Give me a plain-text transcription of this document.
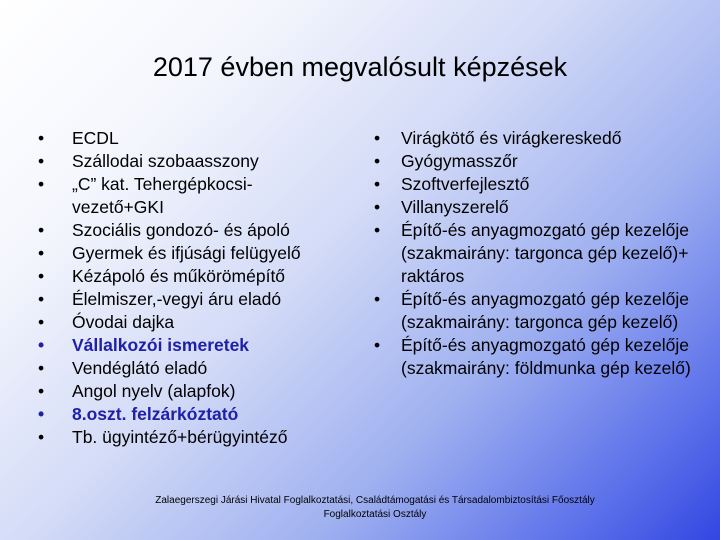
2017 évben megvalósult képzések
• ECDL
• Szállodai szobaasszony
• „C” kat. Tehergépkocsi-vezető+GKI
• Szociális gondozó- és ápoló
• Gyermek és ifjúsági felügyelő
• Kézápoló és műkörömépítő
• Élelmiszer,-vegyi áru eladó
• Óvodai dajka
• Vállalkozói ismeretek
• Vendéglátó eladó
• Angol nyelv (alapfok)
• 8.oszt. felzárkóztató
• Tb. ügyintéző+bérügyintéző
• Virágkötő és virágkereskedő
• Gyógymasszőr
• Szoftverfejlesztő
• Villanyszerelő
• Építő-és anyagmozgató gép kezelője (szakmairány: targonca gép kezelő)+ raktáros
• Építő-és anyagmozgató gép kezelője (szakmairány: targonca gép kezelő)
• Építő-és anyagmozgató gép kezelője (szakmairány: földmunka gép kezelő)
Zalaegerszegi Járási Hivatal Foglalkoztatási, Családtámogatási és Társadalombiztosítási Főosztály
Foglalkoztatási Osztály
